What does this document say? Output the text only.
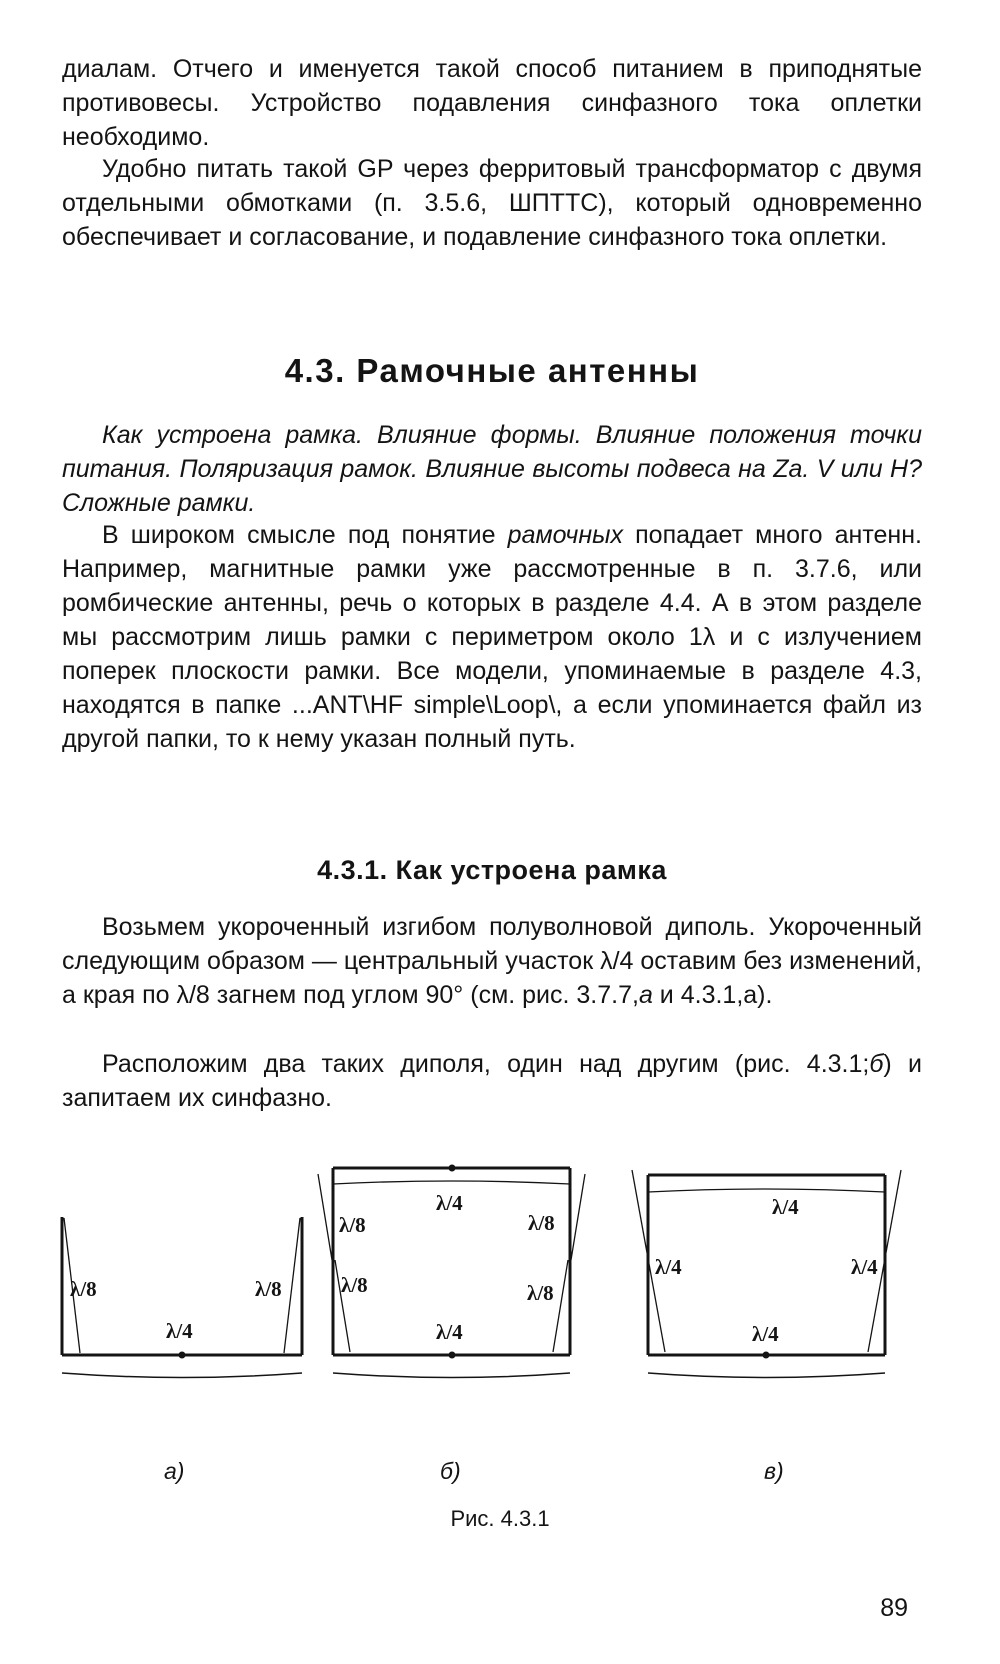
диалам. Отчего и именуется такой способ питанием в приподнятые противовесы. Устройство подавления синфазного тока оплетки необходимо.

Удобно питать такой GP через ферритовый трансформатор с двумя отдельными обмотками (п. 3.5.6, ШПТТС), который одновременно обеспечивает и согласование, и подавление синфазного тока оплетки.

4.3. Рамочные антенны

Как устроена рамка. Влияние формы. Влияние положения точки питания. Поляризация рамок. Влияние высоты подвеса на Za. V или H? Сложные рамки.

В широком смысле под понятие рамочных попадает много антенн. Например, магнитные рамки уже рассмотренные в п. 3.7.6, или ромбические антенны, речь о которых в разделе 4.4. А в этом разделе мы рассмотрим лишь рамки с периметром около 1λ и с излучением поперек плоскости рамки. Все модели, упоминаемые в разделе 4.3, находятся в папке ...ANT\HF simple\Loop\, а если упоминается файл из другой папки, то к нему указан полный путь.

4.3.1. Как устроена рамка

Возьмем укороченный изгибом полуволновой диполь. Укороченный следующим образом — центральный участок λ/4 оставим без изменений, а края по λ/8 загнем под углом 90° (см. рис. 3.7.7,а и 4.3.1,а).

Расположим два таких диполя, один над другим (рис. 4.3.1;б) и запитаем их синфазно.

λ/8	λ/8
λ/4
λ/4
λ/8	λ/8
λ/8	λ/8
λ/4
λ/4
λ/4	λ/4
λ/4
а)	б)	в)
Рис. 4.3.1
89
